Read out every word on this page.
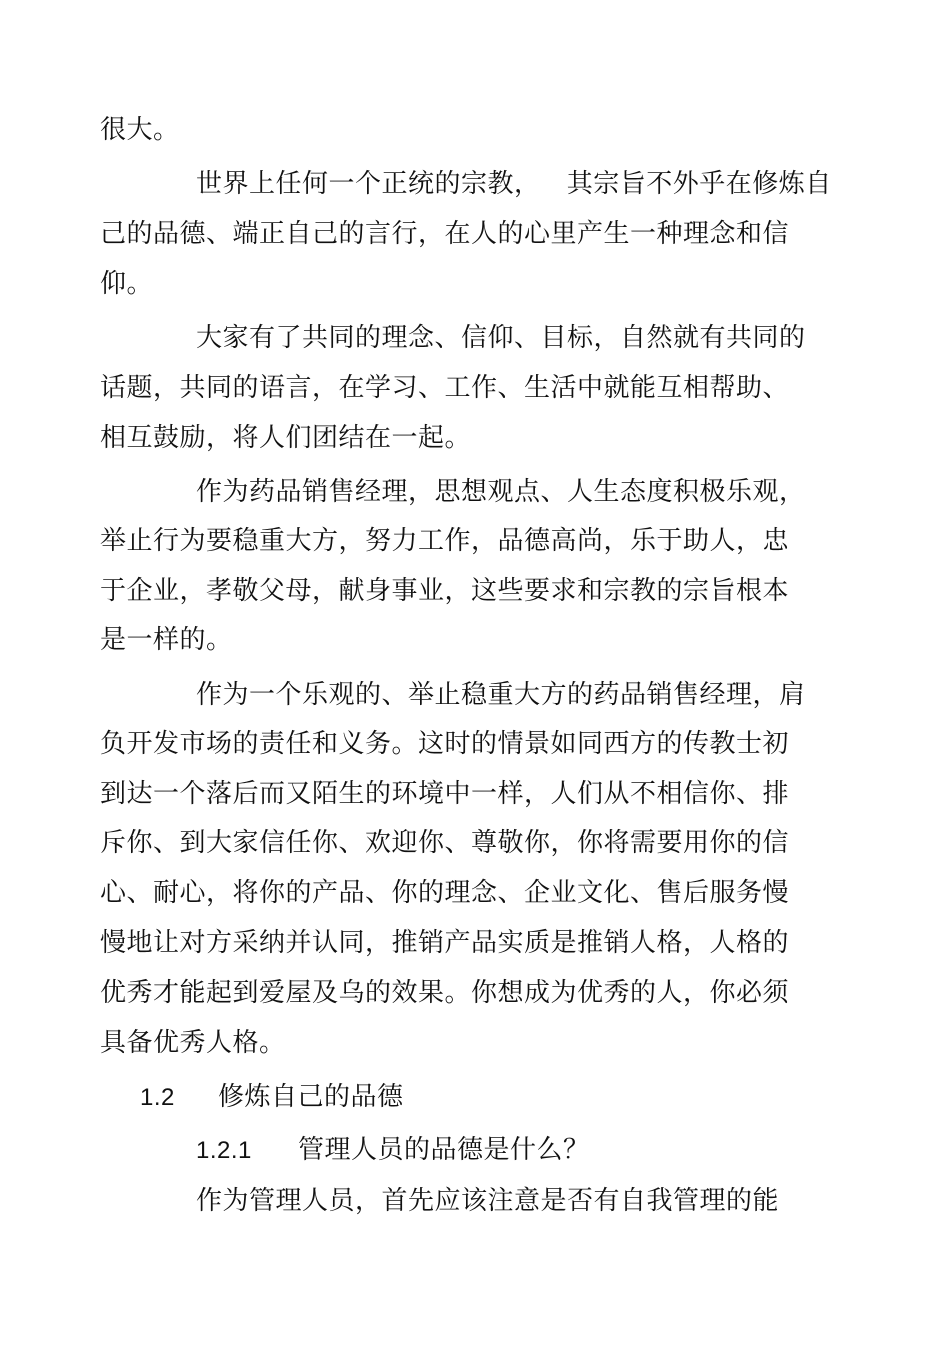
很大。
世界上任何一个正统的宗教，   其宗旨不外乎在修炼自
己的品德、端正自己的言行，在人的心里产生一种理念和信
仰。
大家有了共同的理念、信仰、目标，自然就有共同的
话题，共同的语言，在学习、工作、生活中就能互相帮助、
相互鼓励，将人们团结在一起。
作为药品销售经理，思想观点、人生态度积极乐观，
举止行为要稳重大方，努力工作，品德高尚，乐于助人，忠
于企业，孝敬父母，献身事业，这些要求和宗教的宗旨根本
是一样的。
作为一个乐观的、举止稳重大方的药品销售经理，肩
负开发市场的责任和义务。这时的情景如同西方的传教士初
到达一个落后而又陌生的环境中一样，人们从不相信你、排
斥你、到大家信任你、欢迎你、尊敬你，你将需要用你的信
心、耐心，将你的产品、你的理念、企业文化、售后服务慢
慢地让对方采纳并认同，推销产品实质是推销人格，人格的
优秀才能起到爱屋及乌的效果。你想成为优秀的人，你必须
具备优秀人格。
1.2 修炼自己的品德
1.2.1 管理人员的品德是什么？
作为管理人员，首先应该注意是否有自我管理的能
